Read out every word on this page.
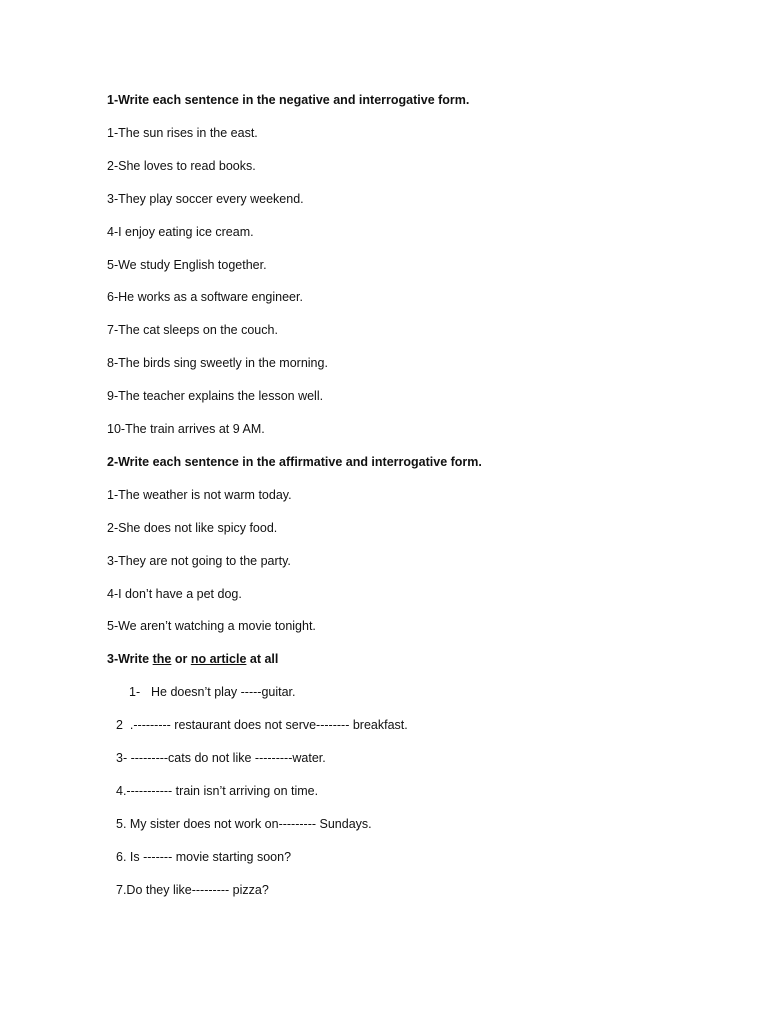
1-Write each sentence in the negative and interrogative form.
1-The sun rises in the east.
2-She loves to read books.
3-They play soccer every weekend.
4-I enjoy eating ice cream.
5-We study English together.
6-He works as a software engineer.
7-The cat sleeps on the couch.
8-The birds sing sweetly in the morning.
9-The teacher explains the lesson well.
10-The train arrives at 9 AM.
2-Write each sentence in the affirmative and interrogative form.
1-The weather is not warm today.
2-She does not like spicy food.
3-They are not going to the party.
4-I don’t have a pet dog.
5-We aren’t watching a movie tonight.
3-Write the or no article at all
1- He doesn’t play -----guitar.
2  .--------- restaurant does not serve-------- breakfast.
3- ---------cats do not like ---------water.
4.----------- train isn’t arriving on time.
5. My sister does not work on--------- Sundays.
6. Is ------- movie starting soon?
7.Do they like--------- pizza?
